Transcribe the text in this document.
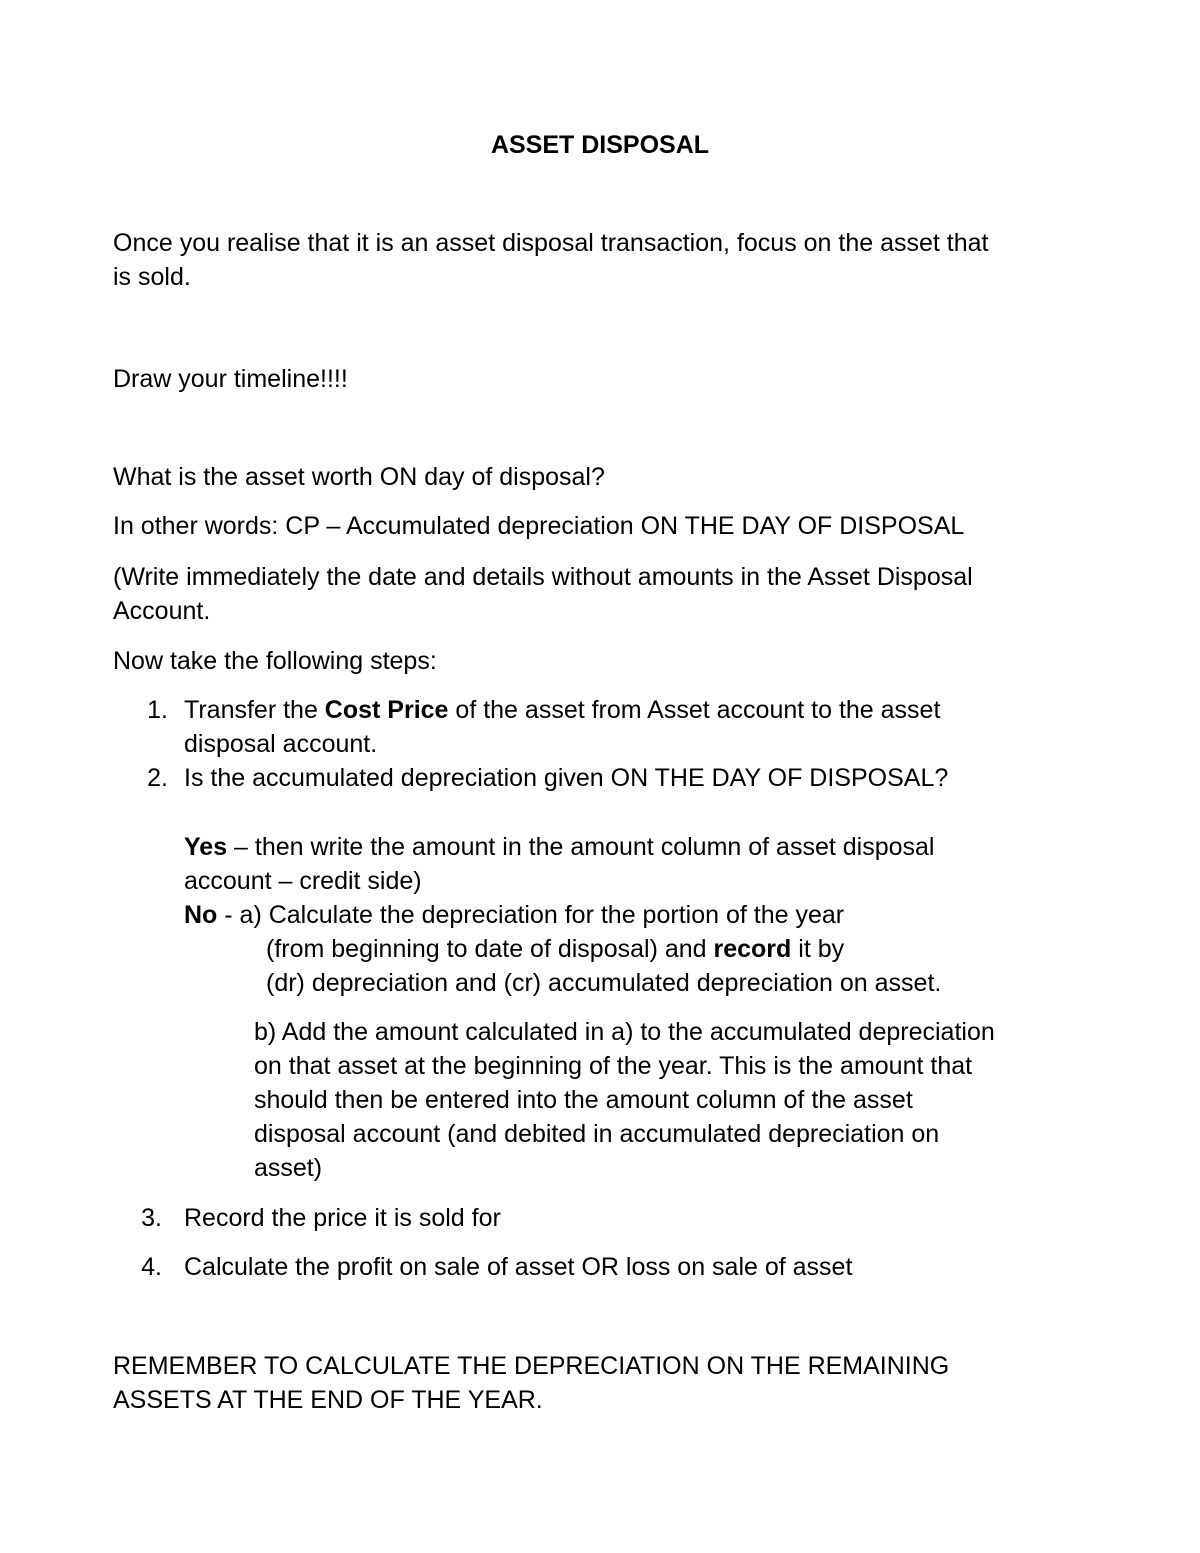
ASSET DISPOSAL
Once you realise that it is an asset disposal transaction, focus on the asset that
is sold.
Draw your timeline!!!!
What is the asset worth ON day of disposal?
In other words: CP – Accumulated depreciation ON THE DAY OF DISPOSAL
(Write immediately the date and details without amounts in the Asset Disposal
Account.
Now take the following steps:
1. Transfer the Cost Price of the asset from Asset account to the asset
disposal account.
2. Is the accumulated depreciation given ON THE DAY OF DISPOSAL?
Yes – then write the amount in the amount column of asset disposal
account – credit side)
No - a) Calculate the depreciation for the portion of the year
(from beginning to date of disposal) and record it by
(dr) depreciation and (cr) accumulated depreciation on asset.
b) Add the amount calculated in a) to the accumulated depreciation
on that asset at the beginning of the year. This is the amount that
should then be entered into the amount column of the asset
disposal account (and debited in accumulated depreciation on
asset)
3. Record the price it is sold for
4. Calculate the profit on sale of asset OR loss on sale of asset
REMEMBER TO CALCULATE THE DEPRECIATION ON THE REMAINING
ASSETS AT THE END OF THE YEAR.
